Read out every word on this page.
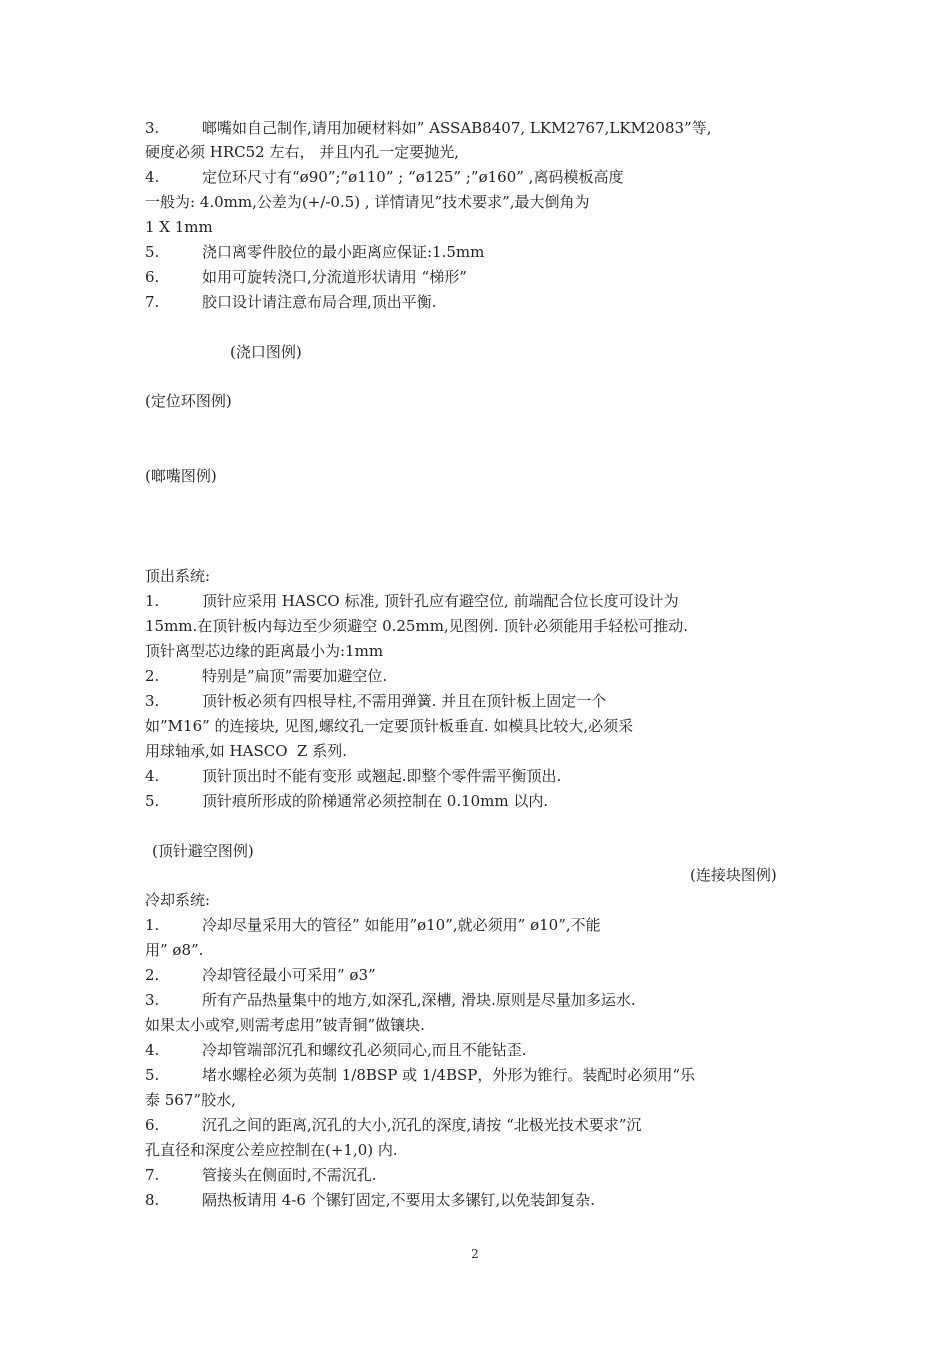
3.	啷嘴如自己制作,请用加硬材料如” ASSAB8407, LKM2767,LKM2083”等,
硬度必须 HRC52 左右， 并且内孔一定要抛光,
4.	定位环尺寸有“ø90”;”ø110” ; “ø125” ;”ø160” ,离码模板高度
一般为: 4.0mm,公差为(+/-0.5) , 详情请见”技术要求”,最大倒角为
1 X 1mm
5.	浇口离零件胶位的最小距离应保证:1.5mm
6.	如用可旋转浇口,分流道形状请用 “梯形”
7.	胶口设计请注意布局合理,顶出平衡.
(浇口图例)
(定位环图例)
(啷嘴图例)
顶出系统:
1.	顶针应采用 HASCO 标准, 顶针孔应有避空位, 前端配合位长度可设计为
15mm.在顶针板内每边至少须避空 0.25mm,见图例. 顶针必须能用手轻松可推动.
顶针离型芯边缘的距离最小为:1mm
2.	特别是”扁顶”需要加避空位.
3.	顶针板必须有四根导柱,不需用弹簧. 并且在顶针板上固定一个
如”M16” 的连接块, 见图,螺纹孔一定要顶针板垂直. 如模具比较大,必须采
用球轴承,如 HASCO  Z 系列.
4.	顶针顶出时不能有变形 或翘起.即整个零件需平衡顶出.
5.	顶针痕所形成的阶梯通常必须控制在 0.10mm 以内.
(顶针避空图例)
(连接块图例)
冷却系统:
1.	冷却尽量采用大的管径” 如能用”ø10”,就必须用” ø10”,不能
用” ø8”.
2.	冷却管径最小可采用” ø3”
3.	所有产品热量集中的地方,如深孔,深槽, 滑块.原则是尽量加多运水.
如果太小或窄,则需考虑用”铍青铜”做镶块.
4.	冷却管端部沉孔和螺纹孔必须同心,而且不能钻歪.
5.	堵水螺栓必须为英制 1/8BSP 或 1/4BSP，外形为锥行。装配时必须用“乐
泰 567”胶水,
6.	沉孔之间的距离,沉孔的大小,沉孔的深度,请按 “北极光技术要求”沉
孔直径和深度公差应控制在(+1,0) 内.
7.	管接头在侧面时,不需沉孔.
8.	隔热板请用 4-6 个镙钉固定,不要用太多镙钉,以免装卸复杂.
2
